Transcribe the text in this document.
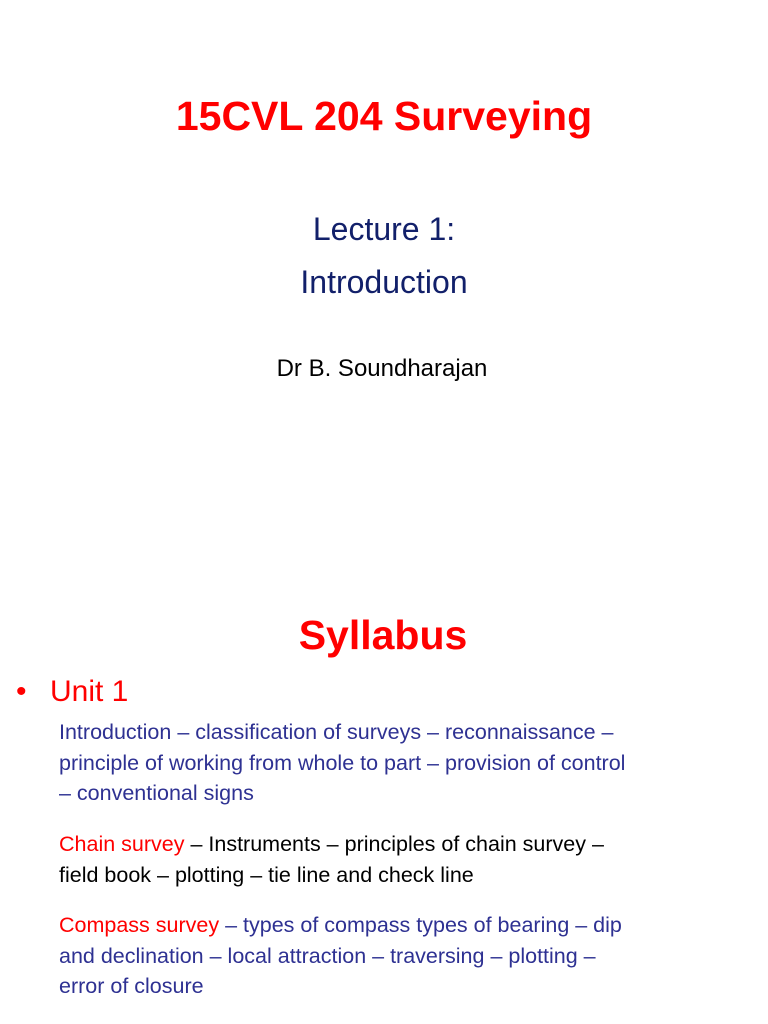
15CVL 204 Surveying

Lecture 1:

Introduction

Dr B. Soundharajan

Syllabus
• Unit 1

Introduction – classification of surveys – reconnaissance –
principle of working from whole to part – provision of control
– conventional signs

Chain survey – Instruments – principles of chain survey –
field book – plotting – tie line and check line

Compass survey – types of compass types of bearing – dip
and declination – local attraction – traversing – plotting –
error of closure
